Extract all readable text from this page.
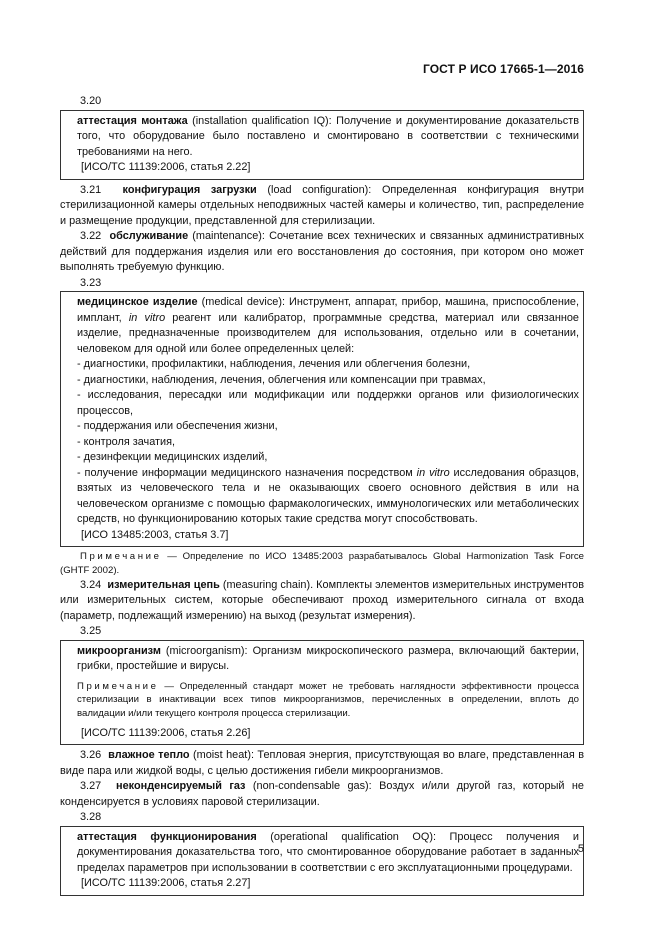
ГОСТ Р ИСО 17665-1—2016

3.20

аттестация монтажа (installation qualification IQ): Получение и документирование доказательств того, что оборудование было поставлено и смонтировано в соответствии с техническими требованиями на него.

[ИСО/ТС 11139:2006, статья 2.22]

3.21 конфигурация загрузки (load configuration): Определенная конфигурация внутри стерилизационной камеры отдельных неподвижных частей камеры и количество, тип, распределение и размещение продукции, представленной для стерилизации.

3.22 обслуживание (maintenance): Сочетание всех технических и связанных административных действий для поддержания изделия или его восстановления до состояния, при котором оно может выполнять требуемую функцию.

3.23

медицинское изделие (medical device): Инструмент, аппарат, прибор, машина, приспособление, имплант, in vitro реагент или калибратор, программные средства, материал или связанное изделие, предназначенные производителем для использования, отдельно или в сочетании, человеком для одной или более определенных целей:

- диагностики, профилактики, наблюдения, лечения или облегчения болезни,

- диагностики, наблюдения, лечения, облегчения или компенсации при травмах,

- исследования, пересадки или модификации или поддержки органов или физиологических процессов,

- поддержания или обеспечения жизни,

- контроля зачатия,

- дезинфекции медицинских изделий,

- получение информации медицинского назначения посредством in vitro исследования образцов, взятых из человеческого тела и не оказывающих своего основного действия в или на человеческом организме с помощью фармакологических, иммунологических или метаболических средств, но функционированию которых такие средства могут способствовать.

[ИСО 13485:2003, статья 3.7]

Примечание — Определение по ИСО 13485:2003 разрабатывалось Global Harmonization Task Force (GHTF 2002).

3.24 измерительная цепь (measuring chain). Комплекты элементов измерительных инструментов или измерительных систем, которые обеспечивают проход измерительного сигнала от входа (параметр, подлежащий измерению) на выход (результат измерения).

3.25

микроорганизм (microorganism): Организм микроскопического размера, включающий бактерии, грибки, простейшие и вирусы.

Примечание — Определенный стандарт может не требовать наглядности эффективности процесса стерилизации в инактивации всех типов микроорганизмов, перечисленных в определении, вплоть до валидации и/или текущего контроля процесса стерилизации.

[ИСО/ТС 11139:2006, статья 2.26]

3.26 влажное тепло (moist heat): Тепловая энергия, присутствующая во влаге, представленная в виде пара или жидкой воды, с целью достижения гибели микроорганизмов.

3.27 неконденсируемый газ (non-condensable gas): Воздух и/или другой газ, который не конденсируется в условиях паровой стерилизации.

3.28

аттестация функционирования (operational qualification OQ): Процесс получения и документирования доказательства того, что смонтированное оборудование работает в заданных пределах параметров при использовании в соответствии с его эксплуатационными процедурами.

[ИСО/ТС 11139:2006, статья 2.27]

5
